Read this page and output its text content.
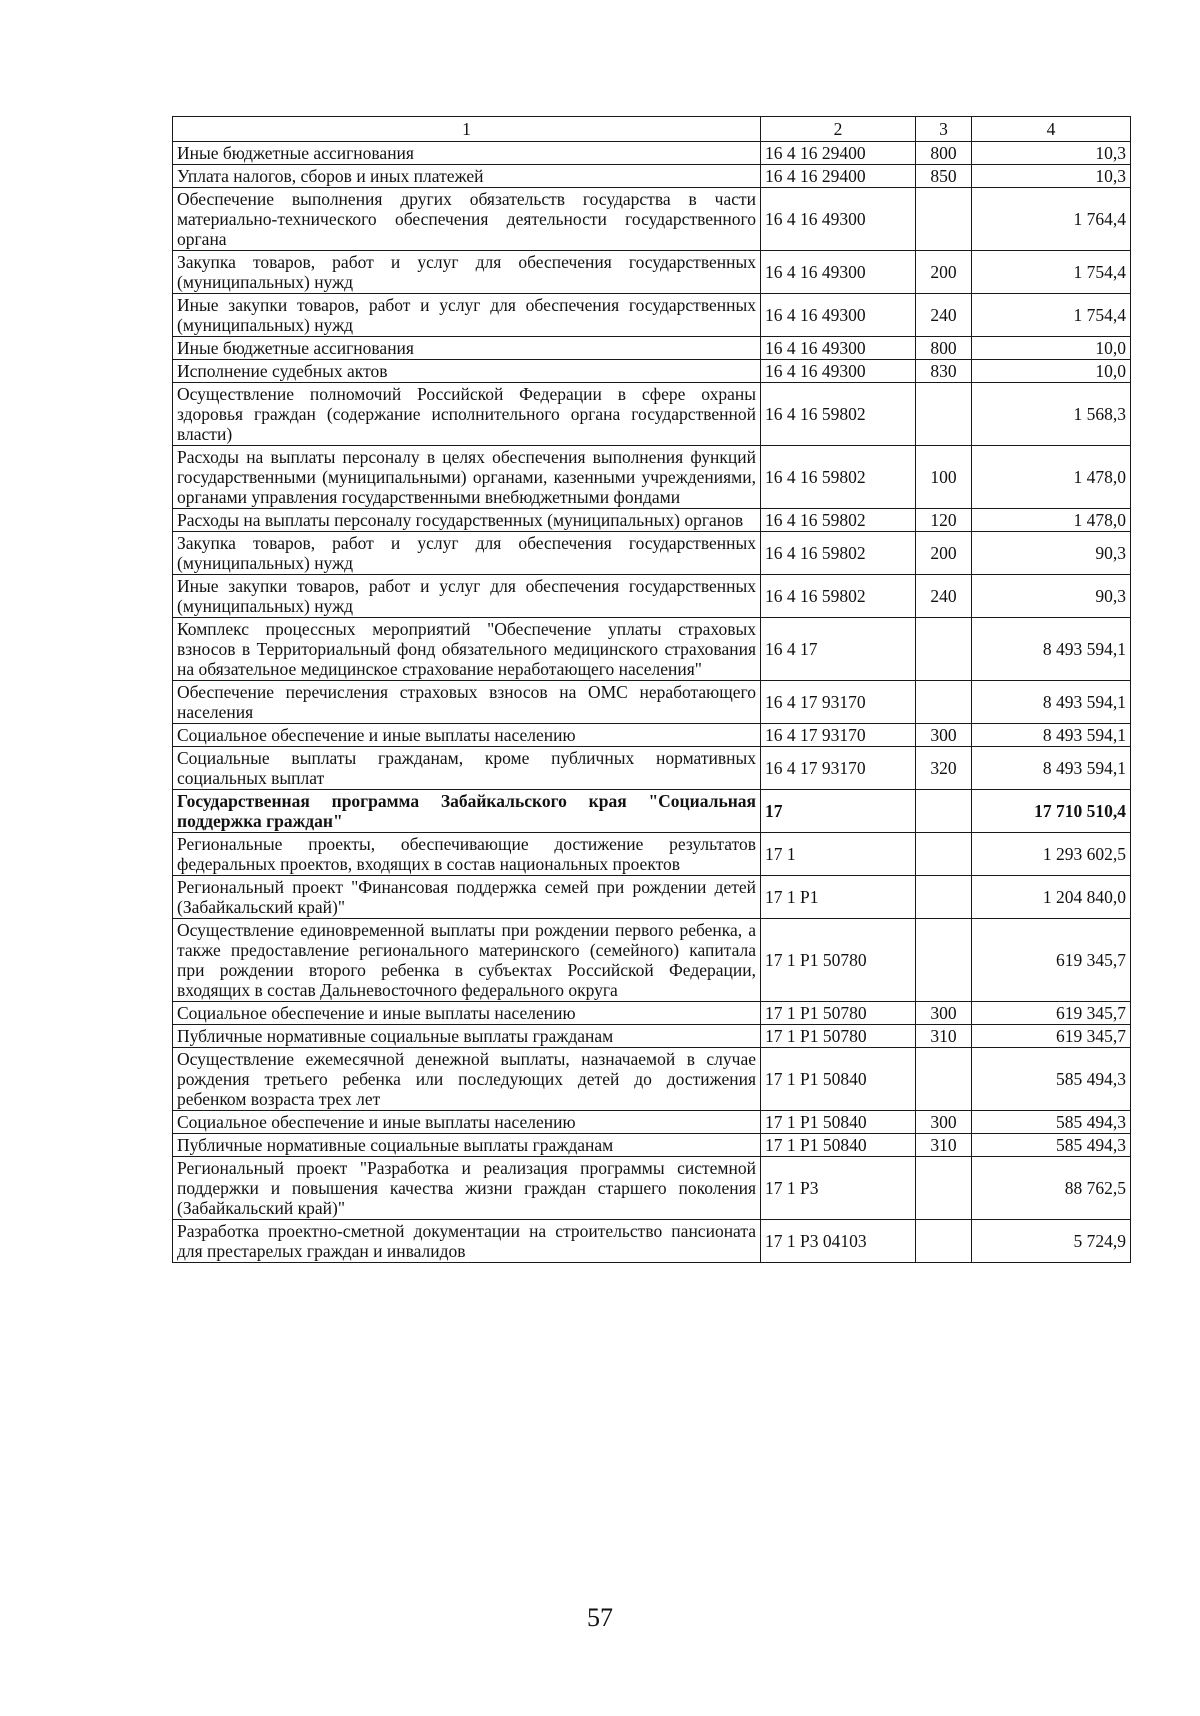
1	2	3	4
Иные бюджетные ассигнования	16 4 16 29400	800	10,3
Уплата налогов, сборов и иных платежей	16 4 16 29400	850	10,3
Обеспечение выполнения других обязательств государства в части материально-технического обеспечения деятельности государственного органа	16 4 16 49300		1 764,4
Закупка товаров, работ и услуг для обеспечения государственных (муниципальных) нужд	16 4 16 49300	200	1 754,4
Иные закупки товаров, работ и услуг для обеспечения государственных (муниципальных) нужд	16 4 16 49300	240	1 754,4
Иные бюджетные ассигнования	16 4 16 49300	800	10,0
Исполнение судебных актов	16 4 16 49300	830	10,0
Осуществление полномочий Российской Федерации в сфере охраны здоровья граждан (содержание исполнительного органа государственной власти)	16 4 16 59802		1 568,3
Расходы на выплаты персоналу в целях обеспечения выполнения функций государственными (муниципальными) органами, казенными учреждениями, органами управления государственными внебюджетными фондами	16 4 16 59802	100	1 478,0
Расходы на выплаты персоналу государственных (муниципальных) органов	16 4 16 59802	120	1 478,0
Закупка товаров, работ и услуг для обеспечения государственных (муниципальных) нужд	16 4 16 59802	200	90,3
Иные закупки товаров, работ и услуг для обеспечения государственных (муниципальных) нужд	16 4 16 59802	240	90,3
Комплекс процессных мероприятий "Обеспечение уплаты страховых взносов в Территориальный фонд обязательного медицинского страхования на обязательное медицинское страхование неработающего населения"	16 4 17		8 493 594,1
Обеспечение перечисления страховых взносов на ОМС неработающего населения	16 4 17 93170		8 493 594,1
Социальное обеспечение и иные выплаты населению	16 4 17 93170	300	8 493 594,1
Социальные выплаты гражданам, кроме публичных нормативных социальных выплат	16 4 17 93170	320	8 493 594,1
Государственная программа Забайкальского края "Социальная поддержка граждан"	17		17 710 510,4
Региональные проекты, обеспечивающие достижение результатов федеральных проектов, входящих в состав национальных проектов	17 1		1 293 602,5
Региональный проект "Финансовая поддержка семей при рождении детей (Забайкальский край)"	17 1 P1		1 204 840,0
Осуществление единовременной выплаты при рождении первого ребенка, а также предоставление регионального материнского (семейного) капитала при рождении второго ребенка в субъектах Российской Федерации, входящих в состав Дальневосточного федерального округа	17 1 P1 50780		619 345,7
Социальное обеспечение и иные выплаты населению	17 1 P1 50780	300	619 345,7
Публичные нормативные социальные выплаты гражданам	17 1 P1 50780	310	619 345,7
Осуществление ежемесячной денежной выплаты, назначаемой в случае рождения третьего ребенка или последующих детей до достижения ребенком возраста трех лет	17 1 P1 50840		585 494,3
Социальное обеспечение и иные выплаты населению	17 1 P1 50840	300	585 494,3
Публичные нормативные социальные выплаты гражданам	17 1 P1 50840	310	585 494,3
Региональный проект "Разработка и реализация программы системной поддержки и повышения качества жизни граждан старшего поколения (Забайкальский край)"	17 1 P3		88 762,5
Разработка проектно-сметной документации на строительство пансионата для престарелых граждан и инвалидов	17 1 P3 04103		5 724,9
57
